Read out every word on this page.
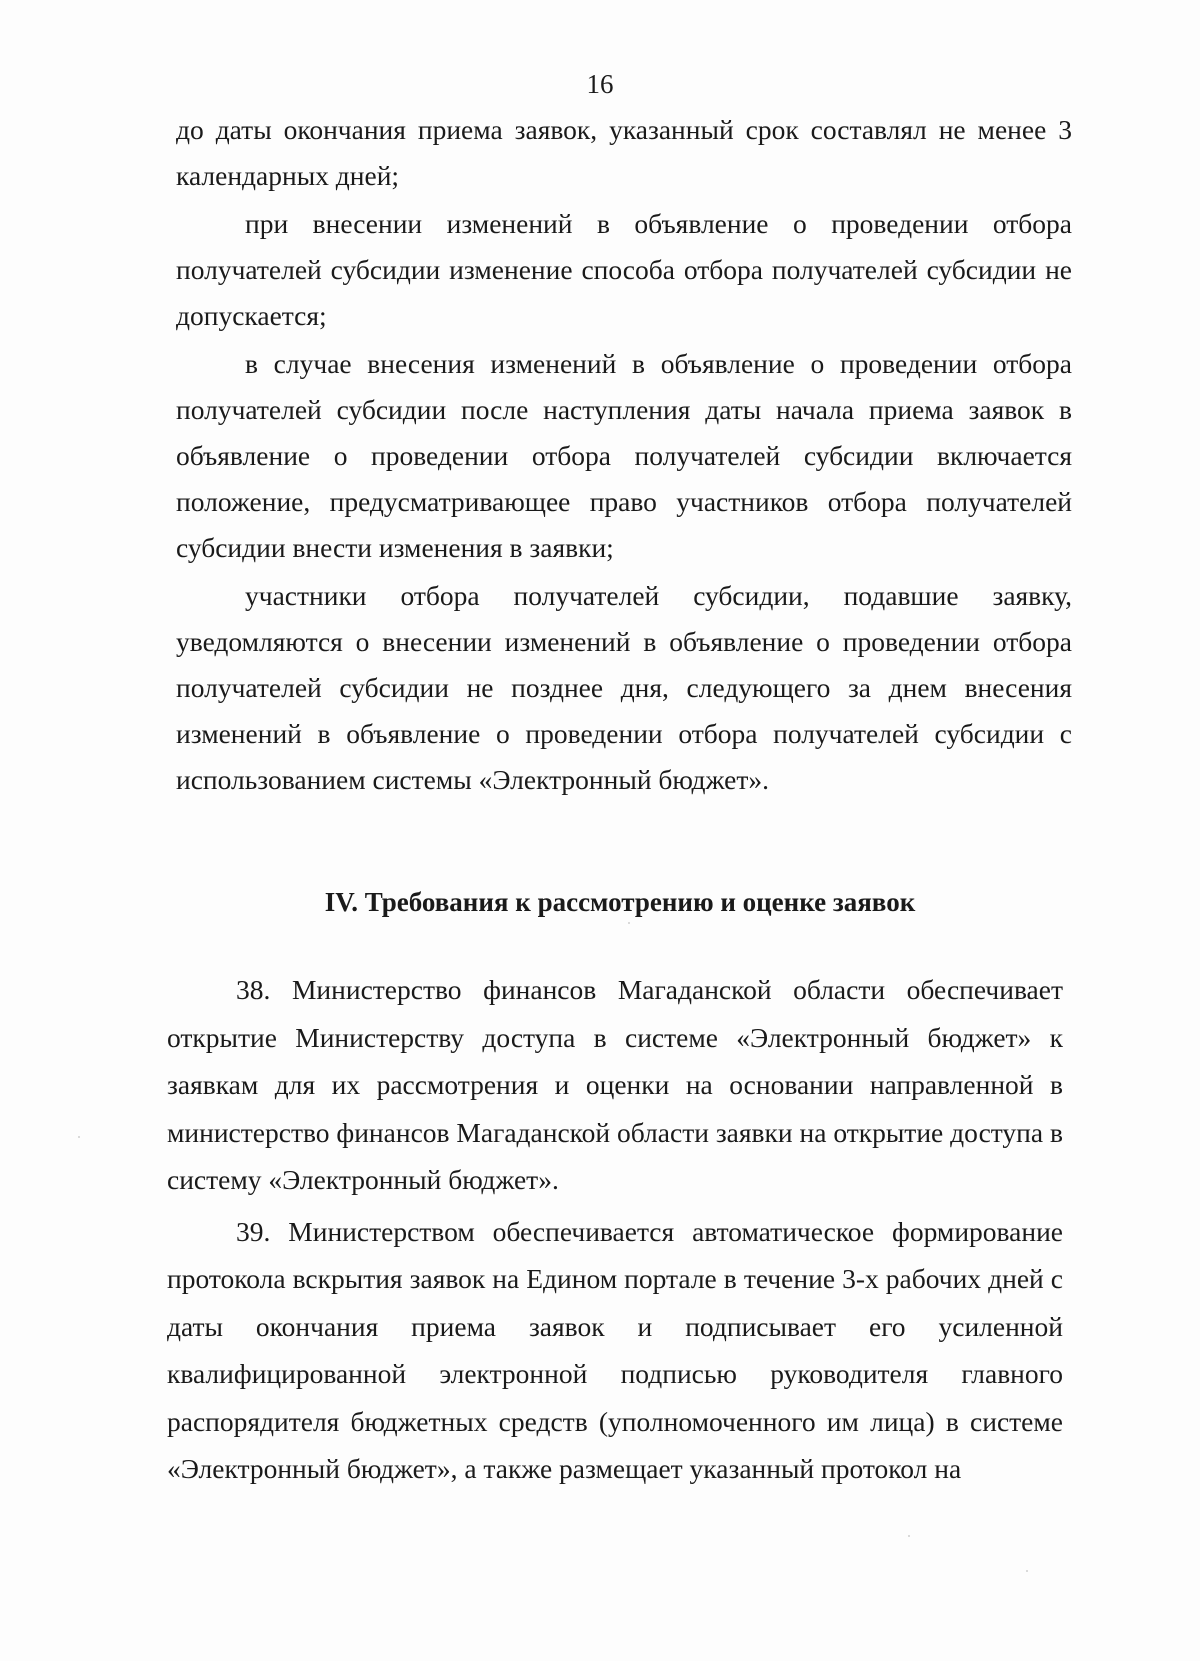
16

до даты окончания приема заявок, указанный срок составлял не менее 3 календарных дней;

при внесении изменений в объявление о проведении отбора получателей субсидии изменение способа отбора получателей субсидии не допускается;

в случае внесения изменений в объявление о проведении отбора получателей субсидии после наступления даты начала приема заявок в объявление о проведении отбора получателей субсидии включается положение, предусматривающее право участников отбора получателей субсидии внести изменения в заявки;

участники отбора получателей субсидии, подавшие заявку, уведомляются о внесении изменений в объявление о проведении отбора получателей субсидии не позднее дня, следующего за днем внесения изменений в объявление о проведении отбора получателей субсидии с использованием системы «Электронный бюджет».

IV. Требования к рассмотрению и оценке заявок

38. Министерство финансов Магаданской области обеспечивает открытие Министерству доступа в системе «Электронный бюджет» к заявкам для их рассмотрения и оценки на основании направленной в министерство финансов Магаданской области заявки на открытие доступа в систему «Электронный бюджет».

39. Министерством обеспечивается автоматическое формирование протокола вскрытия заявок на Едином портале в течение 3-х рабочих дней с даты окончания приема заявок и подписывает его усиленной квалифицированной электронной подписью руководителя главного распорядителя бюджетных средств (уполномоченного им лица) в системе «Электронный бюджет», а также размещает указанный протокол на
